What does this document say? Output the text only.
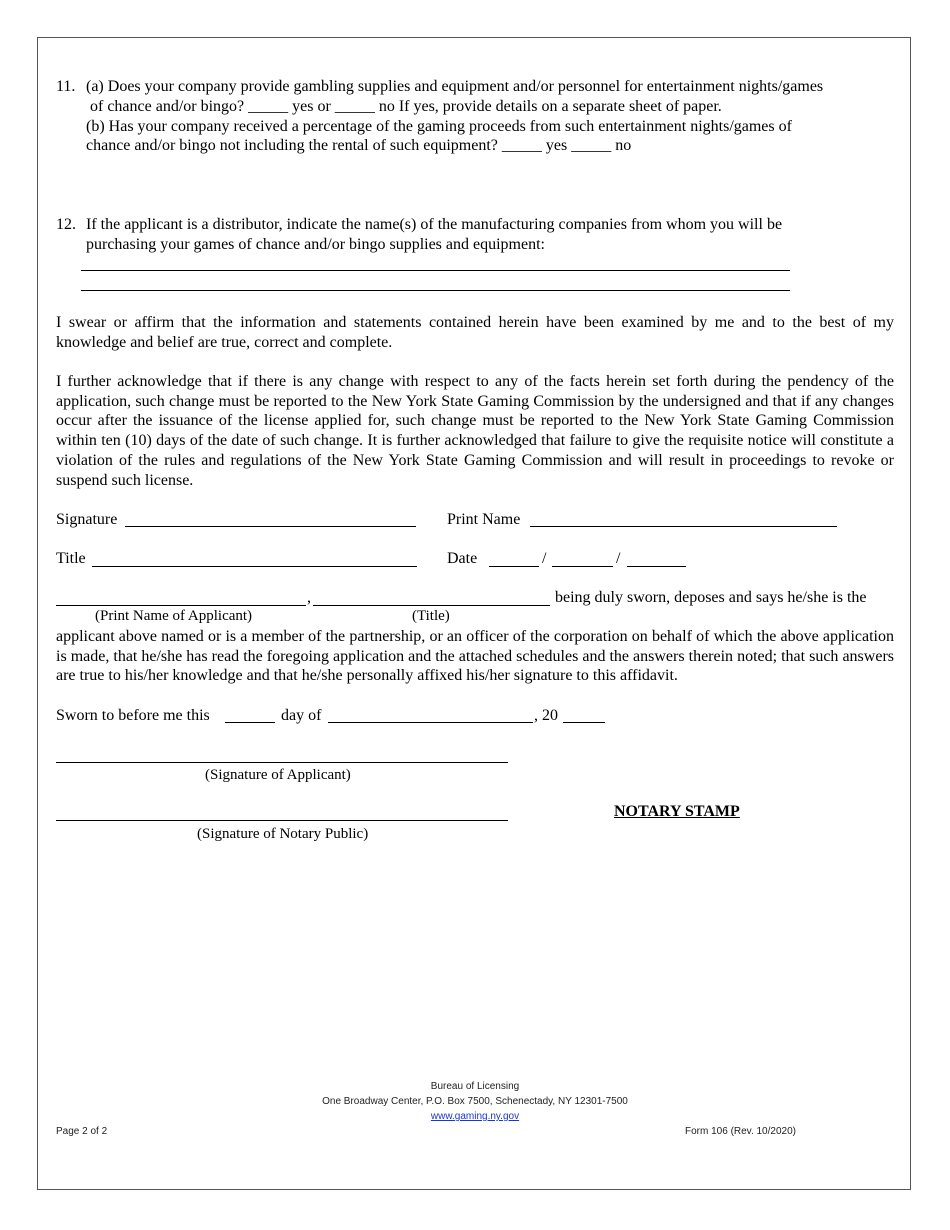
11. (a) Does your company provide gambling supplies and equipment and/or personnel for entertainment nights/games
of chance and/or bingo? _____ yes or _____ no If yes, provide details on a separate sheet of paper.
(b) Has your company received a percentage of the gaming proceeds from such entertainment nights/games of
chance and/or bingo not including the rental of such equipment? _____ yes _____ no
12. If the applicant is a distributor, indicate the name(s) of the manufacturing companies from whom you will be
purchasing your games of chance and/or bingo supplies and equipment:
I swear or affirm that the information and statements contained herein have been examined by me and to the best of my knowledge and belief are true, correct and complete.
I further acknowledge that if there is any change with respect to any of the facts herein set forth during the pendency of the application, such change must be reported to the New York State Gaming Commission by the undersigned and that if any changes occur after the issuance of the license applied for, such change must be reported to the New York State Gaming Commission within ten (10) days of the date of such change. It is further acknowledged that failure to give the requisite notice will constitute a violation of the rules and regulations of the New York State Gaming Commission and will result in proceedings to revoke or suspend such license.
Signature	Print Name
Title	Date	/	/
,	being duly sworn, deposes and says he/she is the
(Print Name of Applicant)	(Title)
applicant above named or is a member of the partnership, or an officer of the corporation on behalf of which the above application is made, that he/she has read the foregoing application and the attached schedules and the answers therein noted; that such answers are true to his/her knowledge and that he/she personally affixed his/her signature to this affidavit.
Sworn to before me this	day of	, 20
(Signature of Applicant)
(Signature of Notary Public)
NOTARY STAMP
Bureau of Licensing
One Broadway Center, P.O. Box 7500, Schenectady, NY 12301-7500
www.gaming.ny.gov
Page 2 of 2	Form 106 (Rev. 10/2020)
